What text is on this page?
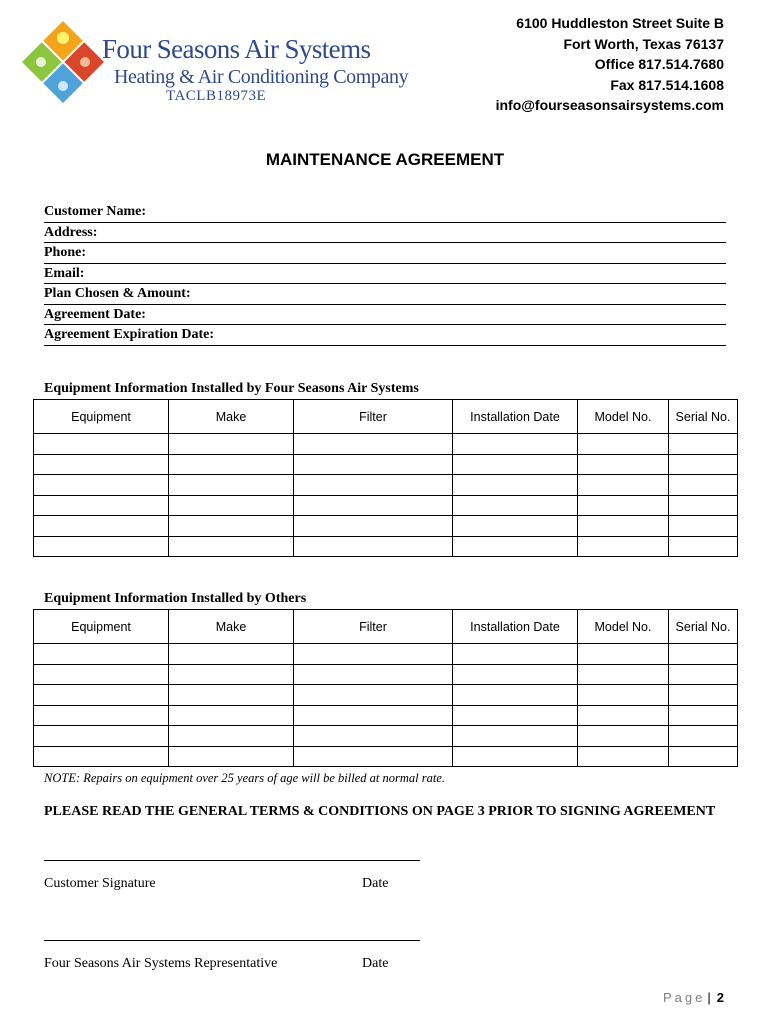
Four Seasons Air Systems
Heating & Air Conditioning Company
TACLB18973E
6100 Huddleston Street Suite B
Fort Worth, Texas 76137
Office 817.514.7680
Fax 817.514.1608
info@fourseasonsairsystems.com
MAINTENANCE AGREEMENT
Customer Name:
Address:
Phone:
Email:
Plan Chosen & Amount:
Agreement Date:
Agreement Expiration Date:
Equipment Information Installed by Four Seasons Air Systems
Equipment	Make	Filter	Installation Date	Model No.	Serial No.

Equipment Information Installed by Others
Equipment	Make	Filter	Installation Date	Model No.	Serial No.

NOTE: Repairs on equipment over 25 years of age will be billed at normal rate.
PLEASE READ THE GENERAL TERMS & CONDITIONS ON PAGE 3 PRIOR TO SIGNING AGREEMENT
Customer Signature	Date
Four Seasons Air Systems Representative	Date
Page | 2
